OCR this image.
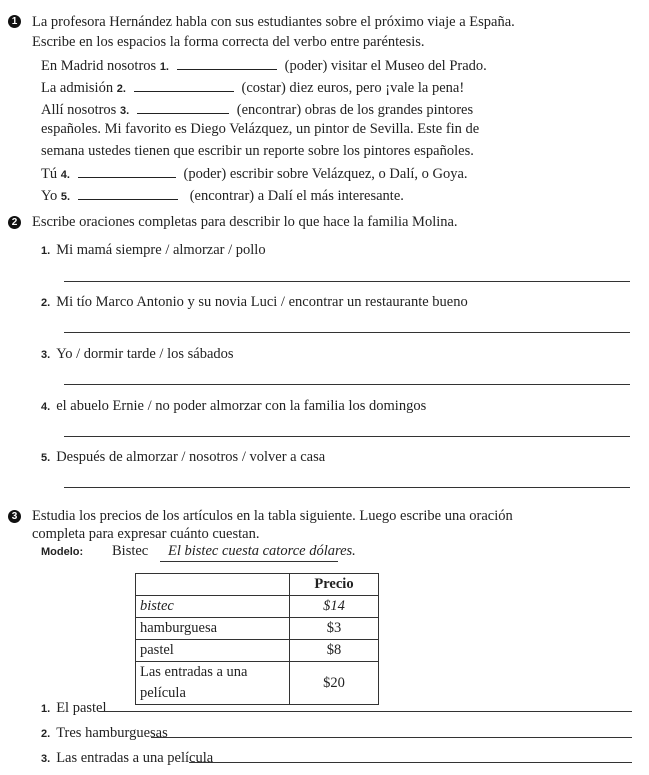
1 La profesora Hernández habla con sus estudiantes sobre el próximo viaje a España.
Escribe en los espacios la forma correcta del verbo entre paréntesis.
En Madrid nosotros 1.	(poder) visitar el Museo del Prado.
La admisión 2.	(costar) diez euros, pero ¡vale la pena!
Allí nosotros 3.	(encontrar) obras de los grandes pintores
españoles. Mi favorito es Diego Velázquez, un pintor de Sevilla. Este fin de
semana ustedes tienen que escribir un reporte sobre los pintores españoles.
Tú 4.	(poder) escribir sobre Velázquez, o Dalí, o Goya.
Yo 5.	(encontrar) a Dalí el más interesante.
2 Escribe oraciones completas para describir lo que hace la familia Molina.
1. Mi mamá siempre / almorzar / pollo
2. Mi tío Marco Antonio y su novia Luci / encontrar un restaurante bueno
3. Yo / dormir tarde / los sábados
4. el abuelo Ernie / no poder almorzar con la familia los domingos
5. Después de almorzar / nosotros / volver a casa
3 Estudia los precios de los artículos en la tabla siguiente. Luego escribe una oración
completa para expresar cuánto cuestan.
Modelo: Bistec El bistec cuesta catorce dólares.
	Precio
bistec	$14
hamburguesa	$3
pastel	$8
Las entradas a una película	$20
1. El pastel
2. Tres hamburguesas
3. Las entradas a una película
